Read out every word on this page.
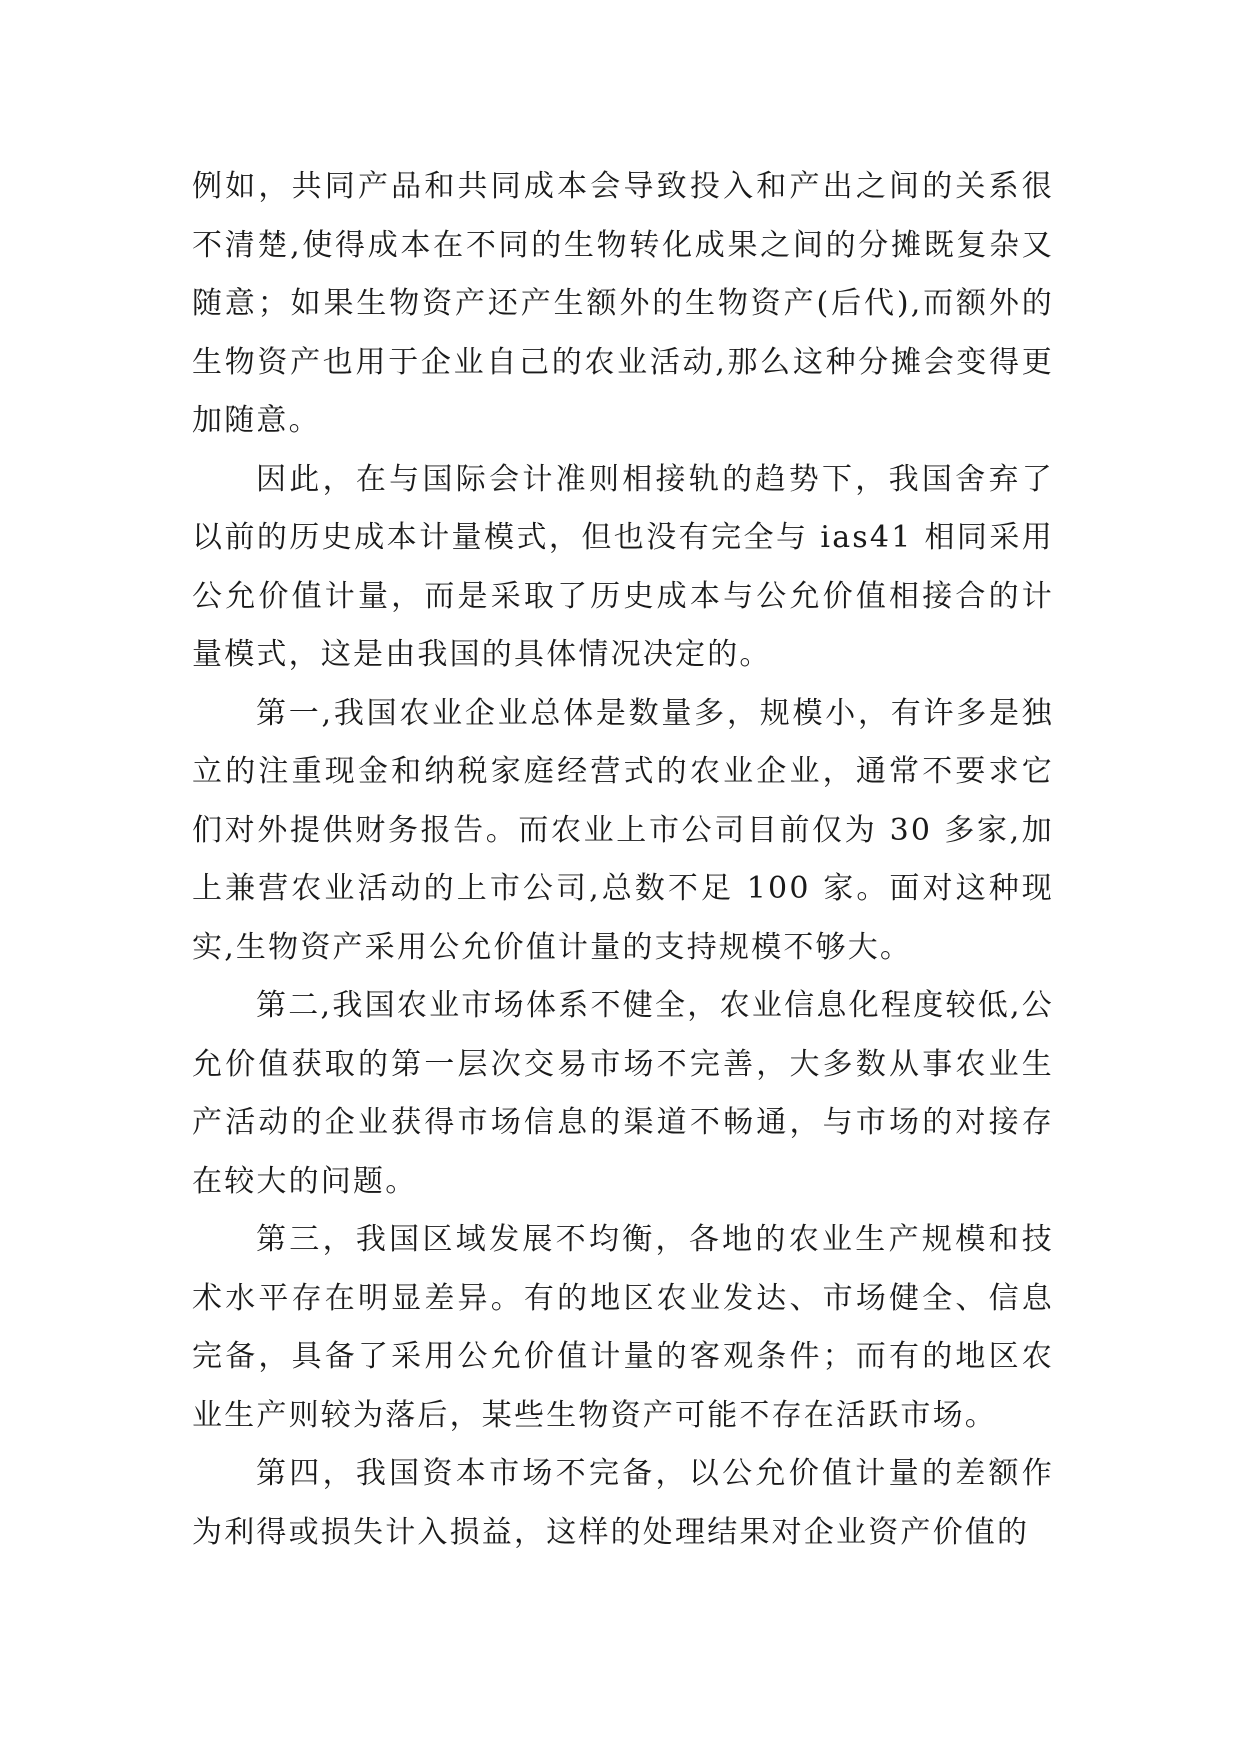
例如，共同产品和共同成本会导致投入和产出之间的关系很不清楚,使得成本在不同的生物转化成果之间的分摊既复杂又随意；如果生物资产还产生额外的生物资产(后代),而额外的生物资产也用于企业自己的农业活动,那么这种分摊会变得更加随意。

因此，在与国际会计准则相接轨的趋势下，我国舍弃了以前的历史成本计量模式，但也没有完全与 ias41 相同采用公允价值计量，而是采取了历史成本与公允价值相接合的计量模式，这是由我国的具体情况决定的。

第一,我国农业企业总体是数量多，规模小，有许多是独立的注重现金和纳税家庭经营式的农业企业，通常不要求它们对外提供财务报告。而农业上市公司目前仅为 30 多家,加上兼营农业活动的上市公司,总数不足 100 家。面对这种现实,生物资产采用公允价值计量的支持规模不够大。

第二,我国农业市场体系不健全，农业信息化程度较低,公允价值获取的第一层次交易市场不完善，大多数从事农业生产活动的企业获得市场信息的渠道不畅通，与市场的对接存在较大的问题。

第三，我国区域发展不均衡，各地的农业生产规模和技术水平存在明显差异。有的地区农业发达、市场健全、信息完备，具备了采用公允价值计量的客观条件；而有的地区农业生产则较为落后，某些生物资产可能不存在活跃市场。

第四，我国资本市场不完备，以公允价值计量的差额作为利得或损失计入损益，这样的处理结果对企业资产价值的
